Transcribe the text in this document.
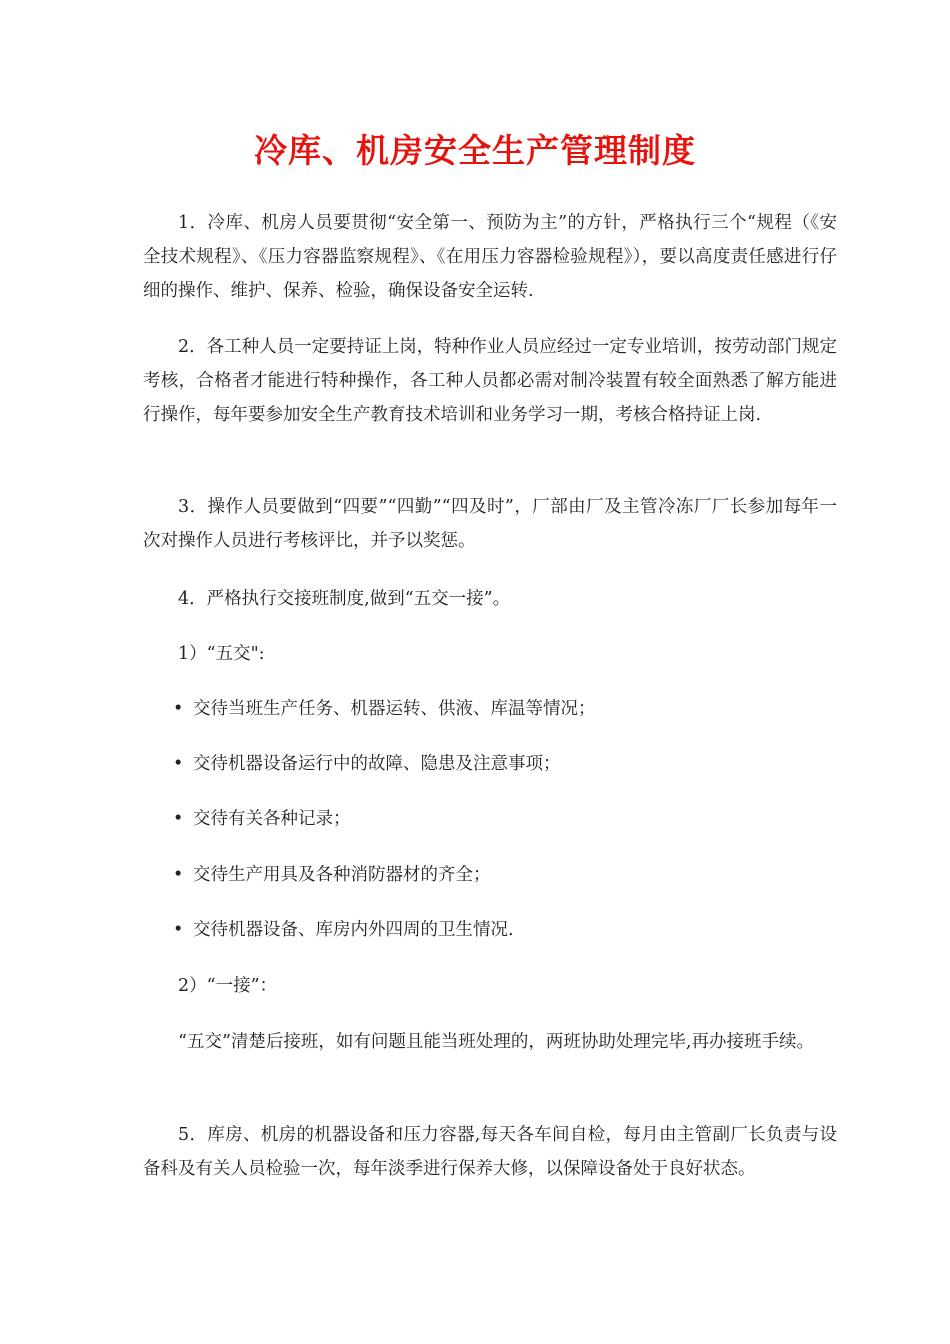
冷库、机房安全生产管理制度

1．冷库、机房人员要贯彻“安全第一、预防为主”的方针，严格执行三个“规程（《安全技术规程》、《压力容器监察规程》、《在用压力容器检验规程》），要以高度责任感进行仔细的操作、维护、保养、检验，确保设备安全运转.

2．各工种人员一定要持证上岗，特种作业人员应经过一定专业培训，按劳动部门规定考核，合格者才能进行特种操作，各工种人员都必需对制冷装置有较全面熟悉了解方能进行操作，每年要参加安全生产教育技术培训和业务学习一期，考核合格持证上岗.

3．操作人员要做到“四要”“四勤”“四及时”，厂部由厂及主管冷冻厂厂长参加每年一次对操作人员进行考核评比，并予以奖惩。

4．严格执行交接班制度,做到“五交一接”。

1）“五交":

• 交待当班生产任务、机器运转、供液、库温等情况；

• 交待机器设备运行中的故障、隐患及注意事项；

• 交待有关各种记录；

• 交待生产用具及各种消防器材的齐全；

• 交待机器设备、库房内外四周的卫生情况.

2）“一接”：

“五交”清楚后接班，如有问题且能当班处理的，两班协助处理完毕,再办接班手续。

5．库房、机房的机器设备和压力容器,每天各车间自检，每月由主管副厂长负责与设备科及有关人员检验一次，每年淡季进行保养大修，以保障设备处于良好状态。
